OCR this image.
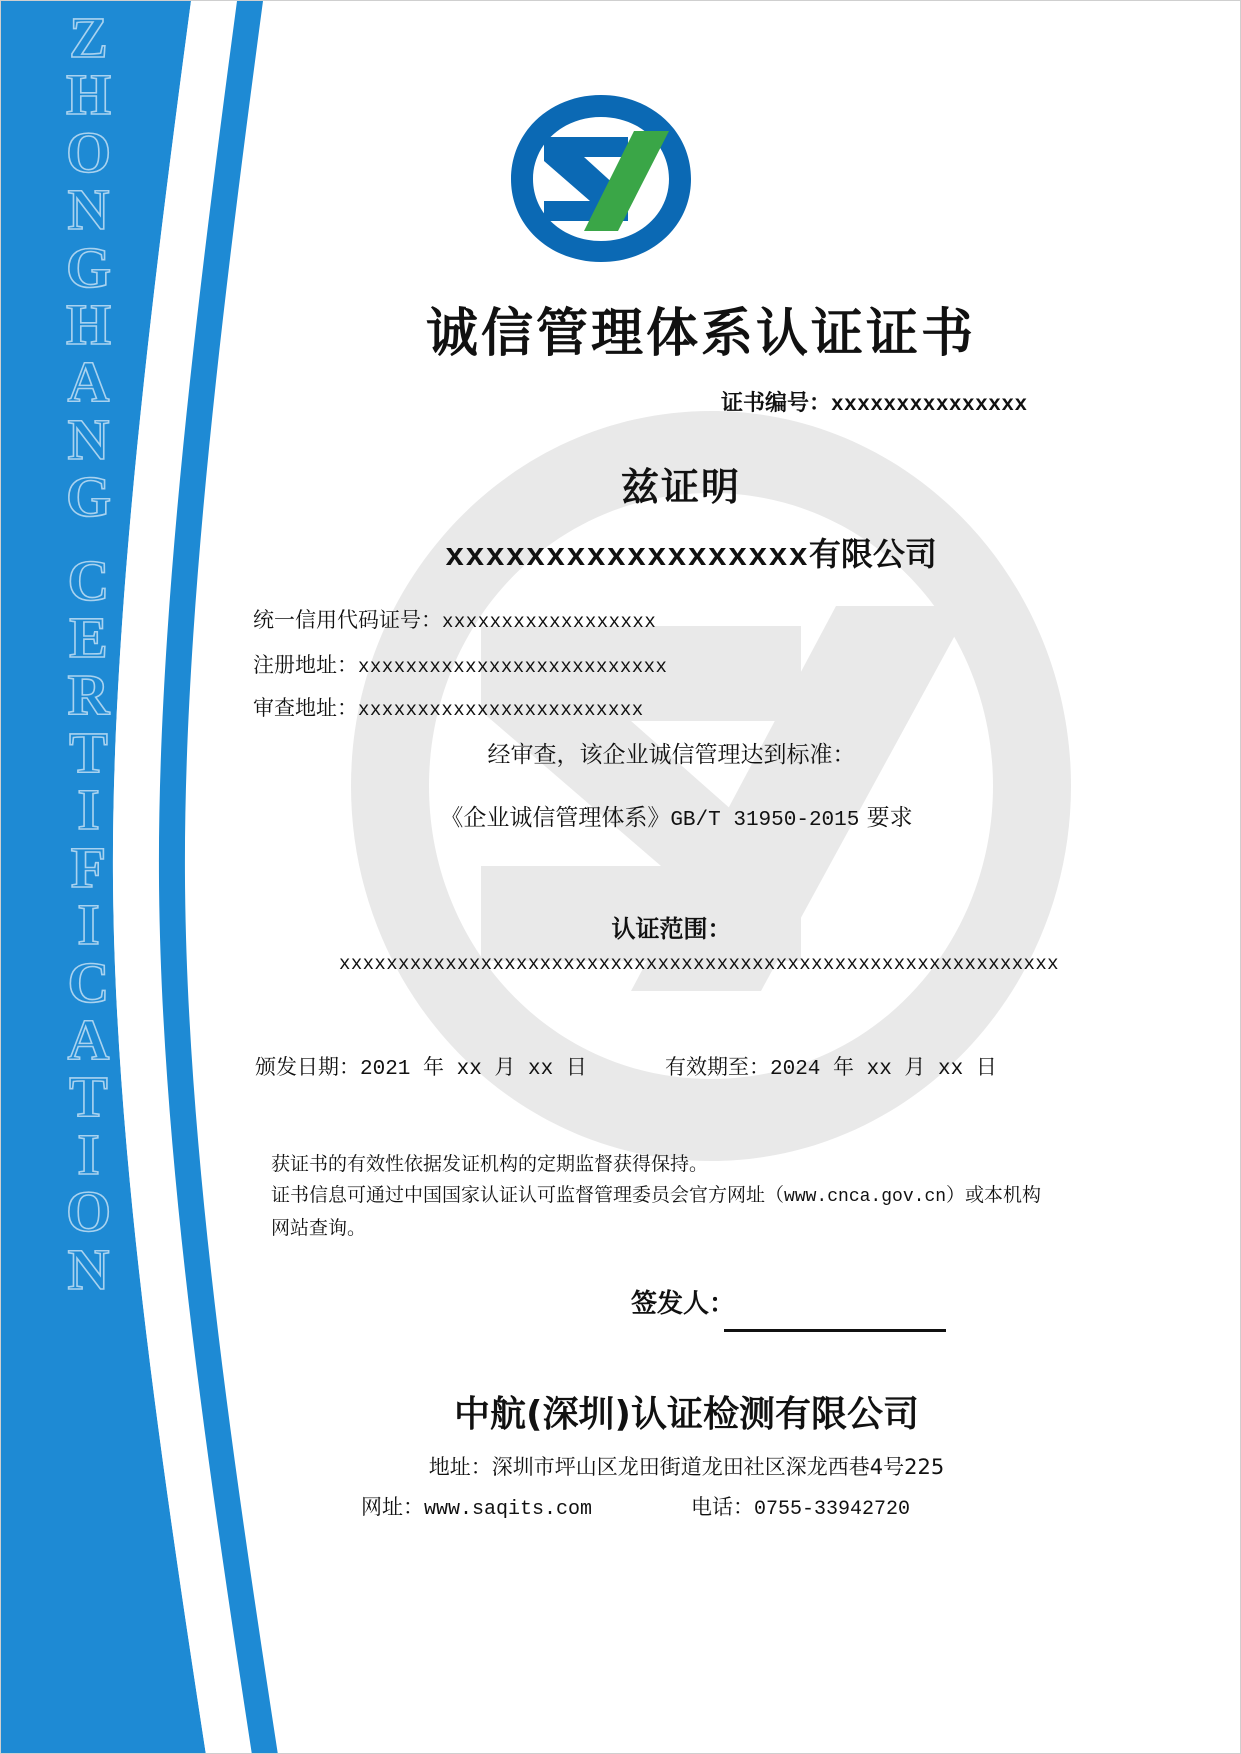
诚信管理体系认证证书
证书编号：xxxxxxxxxxxxxxx
兹证明
xxxxxxxxxxxxxxxxxx有限公司
统一信用代码证号：xxxxxxxxxxxxxxxxxx
注册地址：xxxxxxxxxxxxxxxxxxxxxxxxxx
审查地址：xxxxxxxxxxxxxxxxxxxxxxxx
经审查，该企业诚信管理达到标准：
《企业诚信管理体系》GB/T 31950-2015 要求
认证范围：
xxxxxxxxxxxxxxxxxxxxxxxxxxxxxxxxxxxxxxxxxxxxxxxxxxxxxxxxxxxxx
颁发日期：2021 年 xx 月 xx 日	有效期至：2024 年 xx 月 xx 日
获证书的有效性依据发证机构的定期监督获得保持。
证书信息可通过中国国家认证认可监督管理委员会官方网址（www.cnca.gov.cn）或本机构
网站查询。
签发人：
中航(深圳)认证检测有限公司
地址：深圳市坪山区龙田街道龙田社区深龙西巷4号225
网址：www.saqits.com	电话：0755-33942720
